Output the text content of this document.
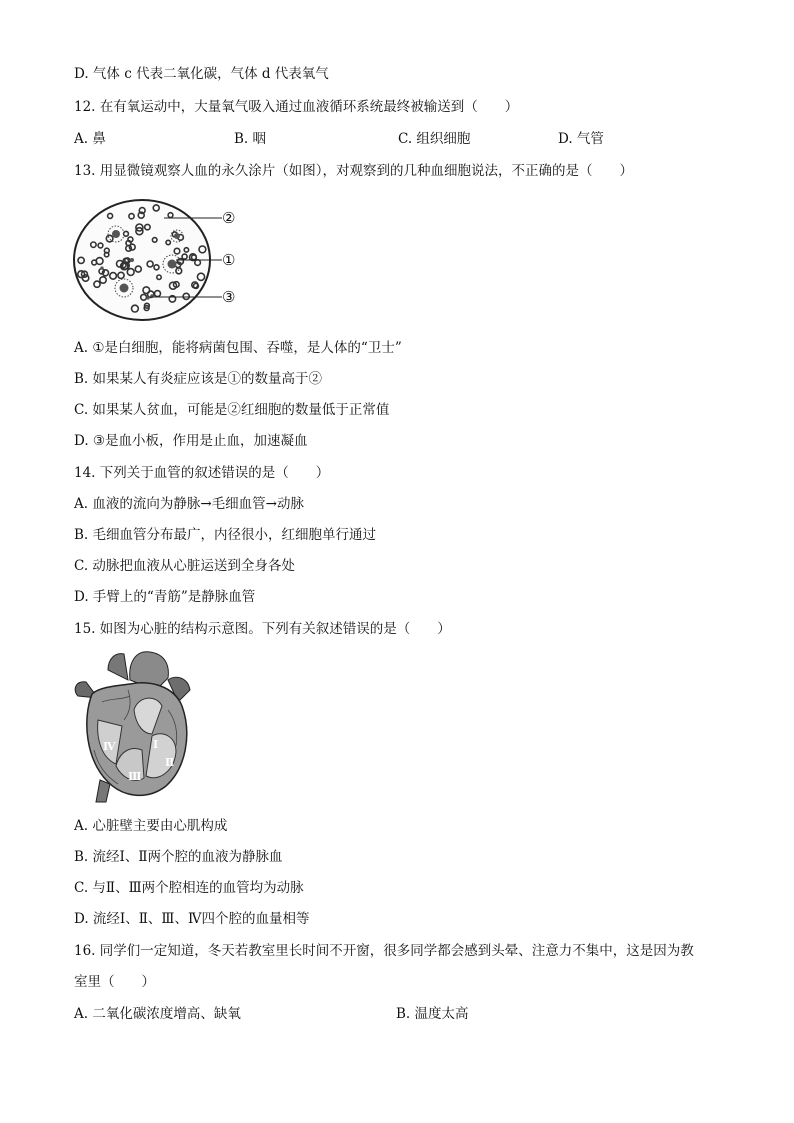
D. 气体 c 代表二氧化碳，气体 d 代表氧气
12. 在有氧运动中，大量氧气吸入通过血液循环系统最终被输送到（　　）
A. 鼻	B. 咽	C. 组织细胞	D. 气管
13. 用显微镜观察人血的永久涂片（如图），对观察到的几种血细胞说法，不正确的是（　　）
②
①
③
A. ①是白细胞，能将病菌包围、吞噬，是人体的“卫士”
B. 如果某人有炎症应该是①的数量高于②
C. 如果某人贫血，可能是②红细胞的数量低于正常值
D. ③是血小板，作用是止血，加速凝血
14. 下列关于血管的叙述错误的是（　　）
A. 血液的流向为静脉→毛细血管→动脉
B. 毛细血管分布最广，内径很小，红细胞单行通过
C. 动脉把血液从心脏运送到全身各处
D. 手臂上的“青筋”是静脉血管
15. 如图为心脏的结构示意图。下列有关叙述错误的是（　　）
Ⅳ	Ⅰ
Ⅱ
Ⅲ
A. 心脏壁主要由心肌构成
B. 流经Ⅰ、Ⅱ两个腔的血液为静脉血
C. 与Ⅱ、Ⅲ两个腔相连的血管均为动脉
D. 流经Ⅰ、Ⅱ、Ⅲ、Ⅳ四个腔的血量相等
16. 同学们一定知道，冬天若教室里长时间不开窗，很多同学都会感到头晕、注意力不集中，这是因为教
室里（　　）
A. 二氧化碳浓度增高、缺氧	B. 温度太高
